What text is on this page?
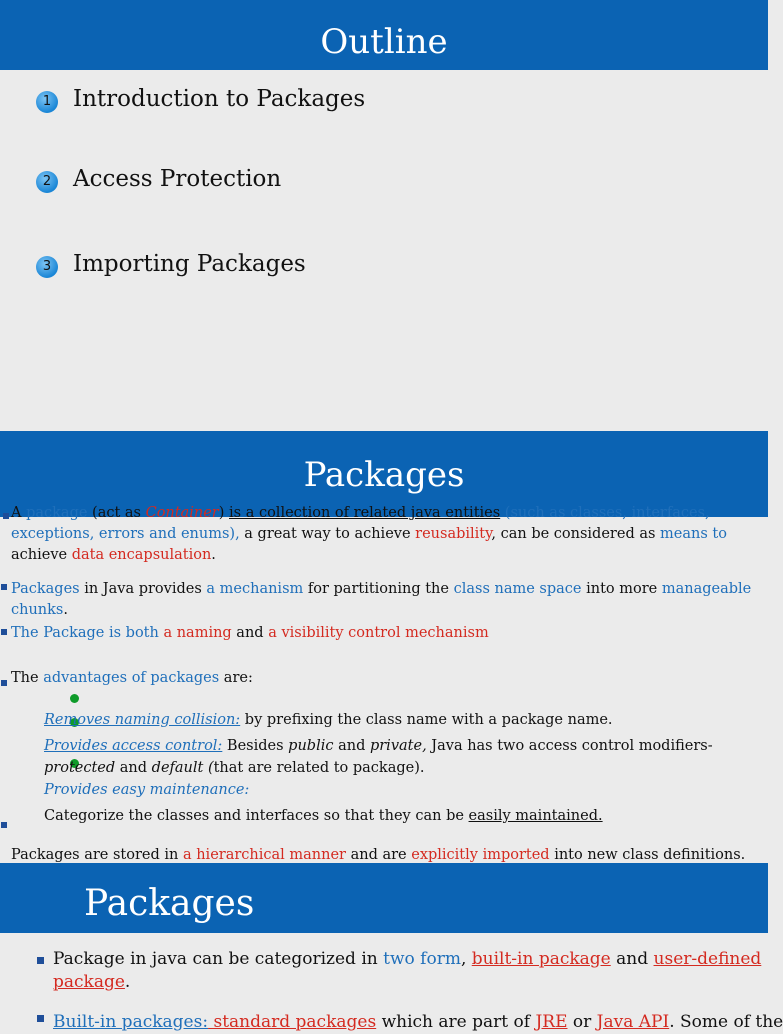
Outline
1 Introduction to Packages
2 Access Protection
3 Importing Packages
Packages
A package (act as Container) is a collection of related java entities (such as classes, interfaces,
exceptions, errors and enums), a great way to achieve reusability, can be considered as means to
achieve data encapsulation.
Packages in Java provides a mechanism for partitioning the class name space into more manageable
chunks.
The Package is both a naming and a visibility control mechanism
The advantages of packages are:
Removes naming collision: by prefixing the class name with a package name.
Provides access control: Besides public and private, Java has two access control modifiers-
protected and default (that are related to package).
Provides easy maintenance:
Categorize the classes and interfaces so that they can be easily maintained.
Packages are stored in a hierarchical manner and are explicitly imported into new class definitions.
Packages
Package in java can be categorized in two form, built-in package and user-defined
package.
Built-in packages: standard packages which are part of JRE or Java API. Some of the
